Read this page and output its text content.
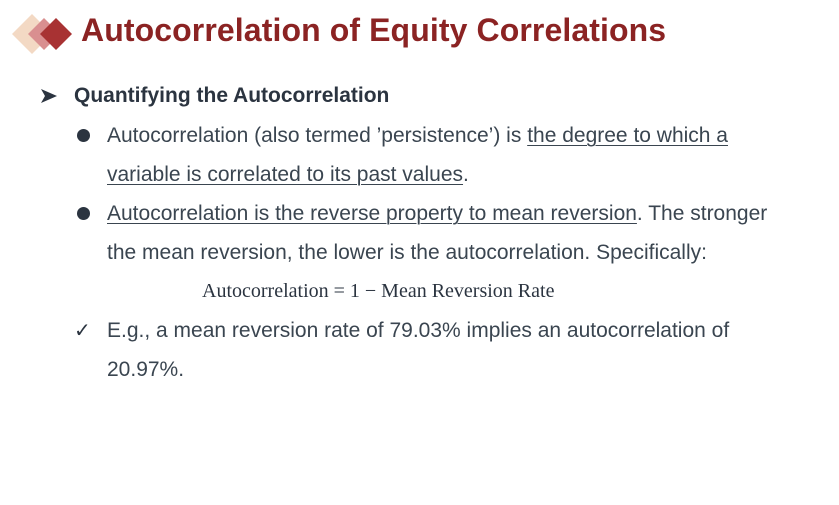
Autocorrelation of Equity Correlations
Quantifying the Autocorrelation
Autocorrelation (also termed ’persistence’) is the degree to which a
variable is correlated to its past values.
Autocorrelation is the reverse property to mean reversion. The stronger
the mean reversion, the lower is the autocorrelation. Specifically:
Autocorrelation = 1 − Mean Reversion Rate
✓ E.g., a mean reversion rate of 79.03% implies an autocorrelation of
20.97%.
